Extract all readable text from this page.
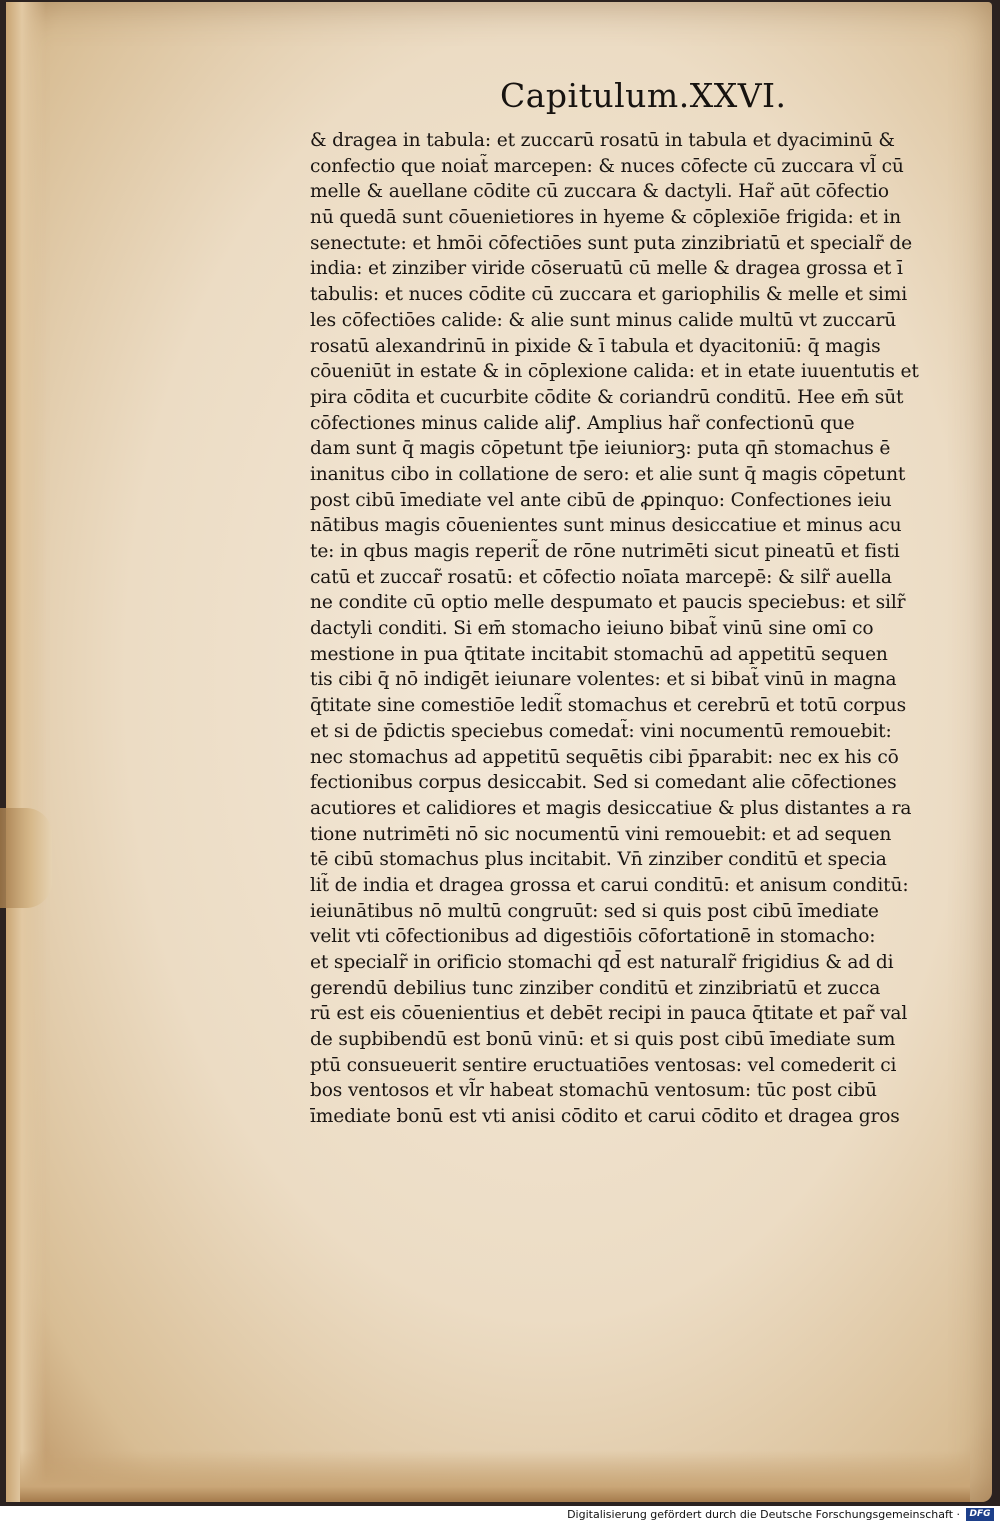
Capitulum.XXVI.
& dragea in tabula: et zuccarū rosatū in tabula et dyaciminū &
confectio que noiat̃ marcepen: & nuces cōfecte cū zuccara vl̃ cū
melle & auellane cōdite cū zuccara & dactyli. Har̃ aūt cōfectio
nū quedā sunt cōuenietiores in hyeme & cōplexiōe frigida: et in
senectute: et hmōi cōfectiōes sunt puta zinzibriatū et specialr̃ de
india: et zinziber viride cōseruatū cū melle & dragea grossa et ī
tabulis: et nuces cōdite cū zuccara et gariophilis & melle et simi
les cōfectiōes calide: & alie sunt minus calide multū vt zuccarū
rosatū alexandrinū in pixide & ī tabula et dyacitoniū: q̄ magis
cōueniūt in estate & in cōplexione calida: et in etate iuuentutis et
pira cōdita et cucurbite cōdite & coriandrū conditū. Hee em̄ sūt
cōfectiones minus calide aliꝭ. Amplius har̃ confectionū que
dam sunt q̄ magis cōpetunt tp̄e ieiuniorꝫ: puta qn̄ stomachus ē
inanitus cibo in collatione de sero: et alie sunt q̄ magis cōpetunt
post cibū īmediate vel ante cibū de ꝓpinquo: Confectiones ieiu
nātibus magis cōuenientes sunt minus desiccatiue et minus acu
te: in qbus magis reperit̃ de rōne nutrimēti sicut pineatū et fisti
catū et zuccar̃ rosatū: et cōfectio noīata marcepē: & silr̃ auella
ne condite cū optio melle despumato et paucis speciebus: et silr̃
dactyli conditi. Si em̄ stomacho ieiuno bibat̃ vinū sine omī co
mestione in pua q̄titate incitabit stomachū ad appetitū sequen
tis cibi q̄ nō indigēt ieiunare volentes: et si bibat̃ vinū in magna
q̄titate sine comestiōe ledit̃ stomachus et cerebrū et totū corpus
et si de p̄dictis speciebus comedat̃: vini nocumentū remouebit:
nec stomachus ad appetitū sequētis cibi p̄parabit: nec ex his cō
fectionibus corpus desiccabit. Sed si comedant alie cōfectiones
acutiores et calidiores et magis desiccatiue & plus distantes a ra
tione nutrimēti nō sic nocumentū vini remouebit: et ad sequen
tē cibū stomachus plus incitabit. Vn̄ zinziber conditū et specia
lit̃ de india et dragea grossa et carui conditū: et anisum conditū:
ieiunātibus nō multū congruūt: sed si quis post cibū īmediate
velit vti cōfectionibus ad digestiōis cōfortationē in stomacho:
et specialr̃ in orificio stomachi qd̄ est naturalr̃ frigidius & ad di
gerendū debilius tunc zinziber conditū et zinzibriatū et zucca
rū est eis cōuenientius et debēt recipi in pauca q̄titate et par̃ val
de supbibendū est bonū vinū: et si quis post cibū īmediate sum
ptū consueuerit sentire eructuatiōes ventosas: vel comederit ci
bos ventosos et vl̃r habeat stomachū ventosum: tūc post cibū
īmediate bonū est vti anisi cōdito et carui cōdito et dragea gros
Digitalisierung gefördert durch die Deutsche Forschungsgemeinschaft ·	DFG
